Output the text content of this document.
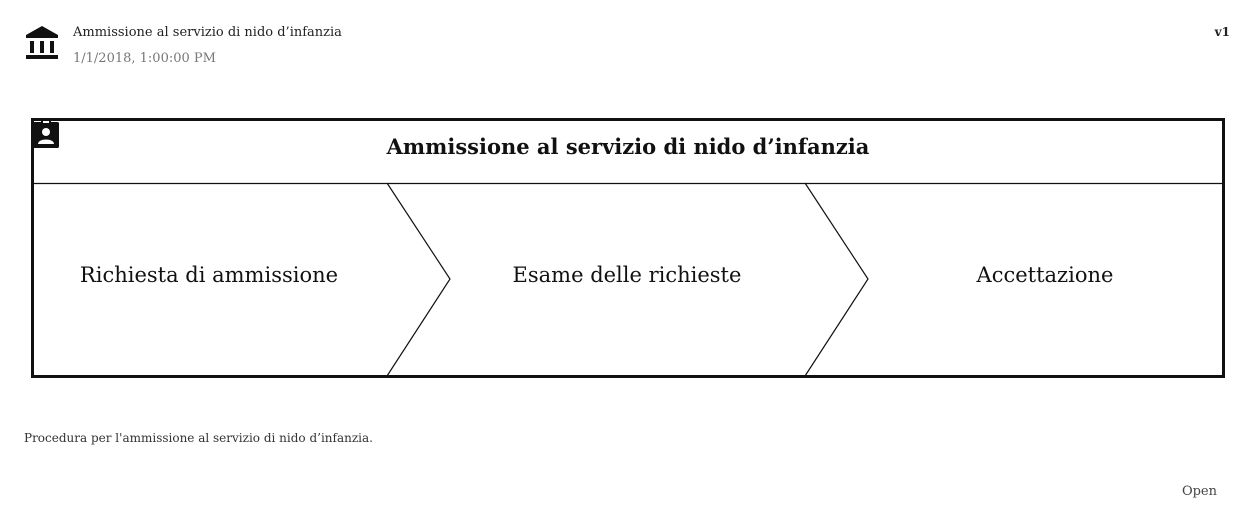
Ammissione al servizio di nido d’infanzia
1/1/2018, 1:00:00 PM
v1
Ammissione al servizio di nido d’infanzia
Richiesta di ammissione	Esame delle richieste	Accettazione
Procedura per l'ammissione al servizio di nido d’infanzia.
Open
